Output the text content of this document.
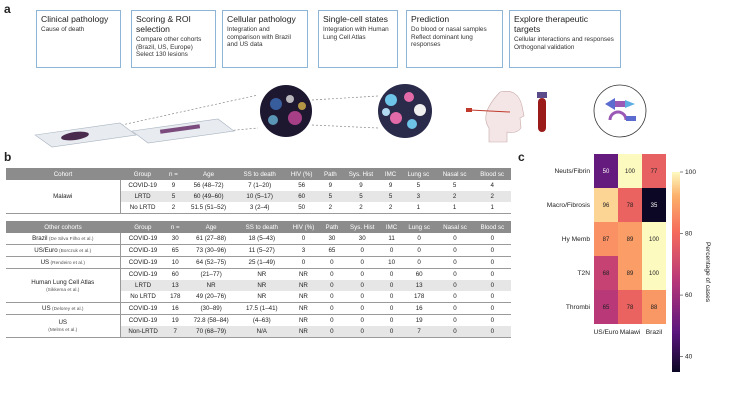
a
b	c
Clinical pathology
Cause of death
Scoring & ROI selection
Compare other cohorts (Brazil, US, Europe) Select 130 lesions
Cellular pathology
Integration and comparison with Brazil and US data
Single-cell states
Integration with Human Lung Cell Atlas
Prediction
Do blood or nasal samples Reflect dominant lung responses
Explore therapeutic targets
Cellular interactions and responses Orthogonal validation
Cohort	Group	n =	Age	SS to death	HIV (%)	Path	Sys. Hist	IMC	Lung sc	Nasal sc	Blood sc
Malawi	COVID-19	9	56 (48–72)	7 (1–20)	56	9	9	9	5	5	4
	LRTD	5	60 (49–60)	10 (5–17)	60	5	5	5	3	2	2
	No LRTD	2	51.5 (51–52)	3 (2–4)	50	2	2	2	1	1	1
Other cohorts	Group	n =	Age	SS to death	HIV (%)	Path	Sys. Hist	IMC	Lung sc	Nasal sc	Blood sc
Brazil (De Silva Filho et al.)	COVID-19	30	61 (27–88)	18 (5–43)	0	30	30	11	0	0	0
US/Euro (Borczuk et al.)	COVID-19	65	73 (30–96)	11 (5–27)	3	65	0	0	0	0	0
US (Rendeiro et al.)	COVID-19	10	64 (52–75)	25 (1–49)	0	0	0	10	0	0	0
Human Lung Cell Atlas
(Sikkema et al.)	COVID-19	60	(21–77)	NR	NR	0	0	0	60	0	0
	LRTD	13	NR	NR	NR	0	0	0	13	0	0
	No LRTD	178	49 (20–76)	NR	NR	0	0	0	178	0	0
US (Delorey et al.)	COVID-19	16	(30–89)	17.5 (1–41)	NR	0	0	0	16	0	0
US
(Melms et al.)	COVID-19	19	72.8 (58–84)	(4–63)	NR	0	0	0	19	0	0
	Non-LRTD	7	70 (68–79)	N/A	NR	0	0	0	7	0	0
50	100	77
Neuts/Fibrin
96	78	35
Macro/Fibrosis
87	89	100
Hy Memb
68	89	100
T2N
65	78	88
Thrombi
US/Euro Malawi Brazil
40
60
80
100
Percentage of cases
